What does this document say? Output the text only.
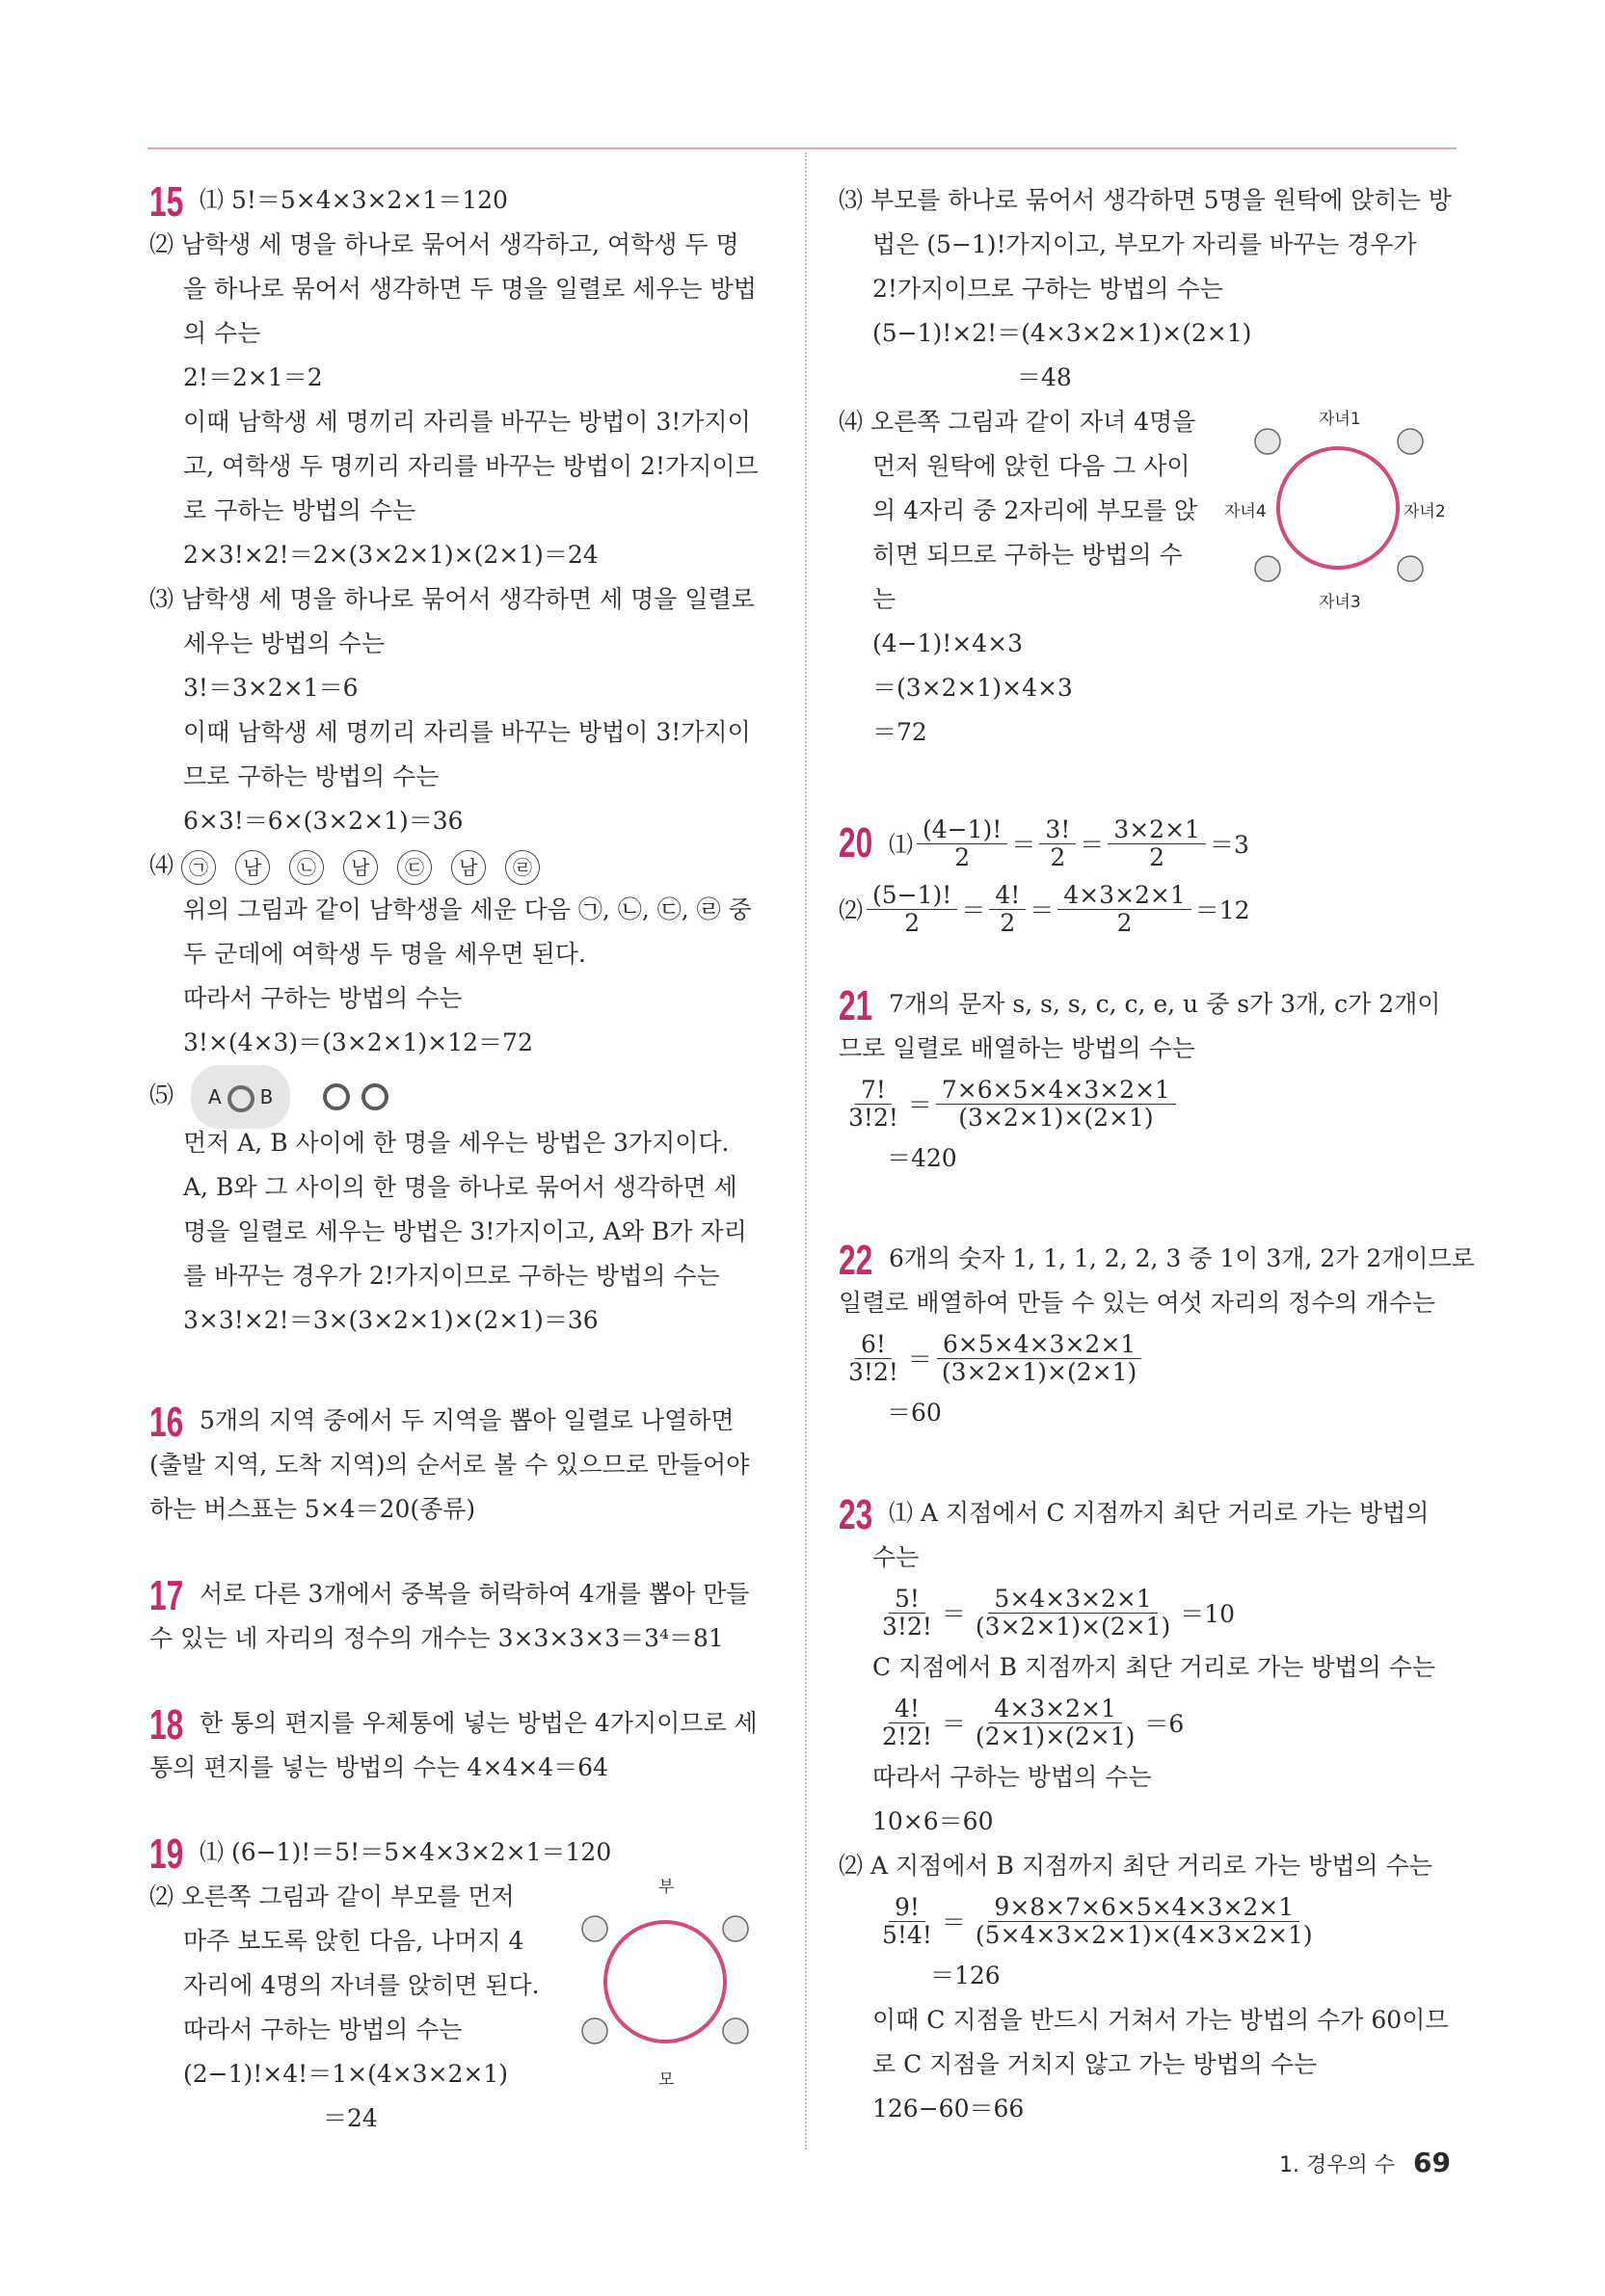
15 ⑴ 5!＝5×4×3×2×1＝120
⑵ 남학생 세 명을 하나로 묶어서 생각하고, 여학생 두 명
을 하나로 묶어서 생각하면 두 명을 일렬로 세우는 방법
의 수는
2!＝2×1＝2
이때 남학생 세 명끼리 자리를 바꾸는 방법이 3!가지이
고, 여학생 두 명끼리 자리를 바꾸는 방법이 2!가지이므
로 구하는 방법의 수는
2×3!×2!＝2×(3×2×1)×(2×1)＝24
⑶ 남학생 세 명을 하나로 묶어서 생각하면 세 명을 일렬로
세우는 방법의 수는
3!＝3×2×1＝6
이때 남학생 세 명끼리 자리를 바꾸는 방법이 3!가지이
므로 구하는 방법의 수는
6×3!＝6×(3×2×1)＝36
⑷ ㉠ 남 ㉡ 남 ㉢ 남 ㉣
위의 그림과 같이 남학생을 세운 다음 ㉠, ㉡, ㉢, ㉣ 중
두 군데에 여학생 두 명을 세우면 된다.
따라서 구하는 방법의 수는
3!×(4×3)＝(3×2×1)×12＝72
⑸ A B
먼저 A, B 사이에 한 명을 세우는 방법은 3가지이다.
A, B와 그 사이의 한 명을 하나로 묶어서 생각하면 세
명을 일렬로 세우는 방법은 3!가지이고, A와 B가 자리
를 바꾸는 경우가 2!가지이므로 구하는 방법의 수는
3×3!×2!＝3×(3×2×1)×(2×1)＝36
16 5개의 지역 중에서 두 지역을 뽑아 일렬로 나열하면
(출발 지역, 도착 지역)의 순서로 볼 수 있으므로 만들어야
하는 버스표는 5×4＝20(종류)
17 서로 다른 3개에서 중복을 허락하여 4개를 뽑아 만들
수 있는 네 자리의 정수의 개수는 3×3×3×3＝3⁴＝81
18 한 통의 편지를 우체통에 넣는 방법은 4가지이므로 세
통의 편지를 넣는 방법의 수는 4×4×4＝64
19 ⑴ (6−1)!＝5!＝5×4×3×2×1＝120
⑵ 오른쪽 그림과 같이 부모를 먼저
마주 보도록 앉힌 다음, 나머지 4
자리에 4명의 자녀를 앉히면 된다.
따라서 구하는 방법의 수는
(2−1)!×4!＝1×(4×3×2×1)
＝24
부
모
⑶ 부모를 하나로 묶어서 생각하면 5명을 원탁에 앉히는 방
법은 (5−1)!가지이고, 부모가 자리를 바꾸는 경우가
2!가지이므로 구하는 방법의 수는
(5−1)!×2!＝(4×3×2×1)×(2×1)
＝48
⑷ 오른쪽 그림과 같이 자녀 4명을
먼저 원탁에 앉힌 다음 그 사이
의 4자리 중 2자리에 부모를 앉
히면 되므로 구하는 방법의 수
는
(4−1)!×4×3
＝(3×2×1)×4×3
＝72
자녀1
자녀2
자녀3
자녀4
20 ⑴ $\frac{(4-1)!}{2} = \frac{3!}{2} = \frac{3\times 2\times 1}{2} =3$
⑵ $\frac{(5-1)!}{2} = \frac{4!}{2} = \frac{4\times 3\times 2\times 1}{2} =12$
21 7개의 문자 s, s, s, c, c, e, u 중 s가 3개, c가 2개이
므로 일렬로 배열하는 방법의 수는
$\frac{7!}{3!2!} = \frac{7\times 6\times 5\times 4\times 3\times 2\times 1}{(3\times 2\times 1)\times(2\times 1)}$
＝420
22 6개의 숫자 1, 1, 1, 2, 2, 3 중 1이 3개, 2가 2개이므로
일렬로 배열하여 만들 수 있는 여섯 자리의 정수의 개수는
$\frac{6!}{3!2!} = \frac{6\times 5\times 4\times 3\times 2\times 1}{(3\times 2\times 1)\times(2\times 1)}$
＝60
23 ⑴ A 지점에서 C 지점까지 최단 거리로 가는 방법의
수는
$\frac{5!}{3!2!} = \frac{5\times 4\times 3\times 2\times 1}{(3\times 2\times 1)\times(2\times 1)} =10$
C 지점에서 B 지점까지 최단 거리로 가는 방법의 수는
$\frac{4!}{2!2!} = \frac{4\times 3\times 2\times 1}{(2\times 1)\times(2\times 1)} =6$
따라서 구하는 방법의 수는
10×6＝60
⑵ A 지점에서 B 지점까지 최단 거리로 가는 방법의 수는
$\frac{9!}{5!4!} = \frac{9\times 8\times 7\times 6\times 5\times 4\times 3\times 2\times 1}{(5\times 4\times 3\times 2\times 1)\times(4\times 3\times 2\times 1)}$
＝126
이때 C 지점을 반드시 거쳐서 가는 방법의 수가 60이므
로 C 지점을 거치지 않고 가는 방법의 수는
126−60＝66
1. 경우의 수 69
